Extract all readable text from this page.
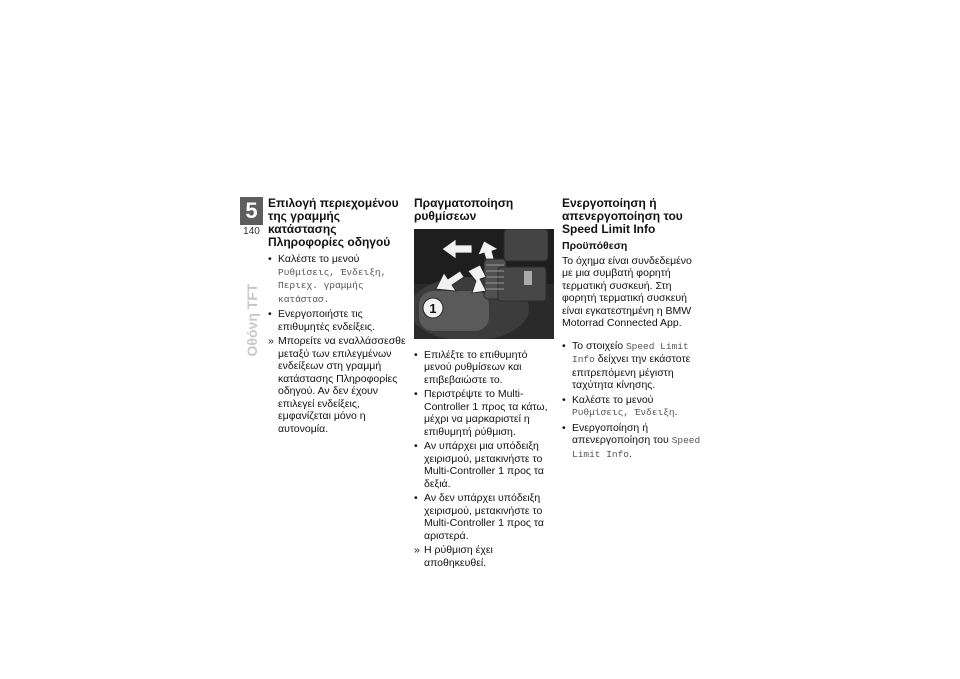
5
140
Οθόνη TFT
Επιλογή περιεχομένου της γραμμής κατάστασης Πληροφορίες οδηγού
• Καλέστε το μενού Ρυθμίσεις, Ένδειξη, Περιεχ. γραμμής κατάστασ.
• Ενεργοποιήστε τις επιθυμητές ενδείξεις.
» Μπορείτε να εναλλάσσεσθε μεταξύ των επιλεγμένων ενδείξεων στη γραμμή κατάστασης Πληροφορίες οδηγού. Αν δεν έχουν επιλεγεί ενδείξεις, εμφανίζεται μόνο η αυτονομία.
Πραγματοποίηση ρυθμίσεων
1
• Επιλέξτε το επιθυμητό μενού ρυθμίσεων και επιβεβαιώστε το.
• Περιστρέψτε το Multi-Controller 1 προς τα κάτω, μέχρι να μαρκαριστεί η επιθυμητή ρύθμιση.
• Αν υπάρχει μια υπόδειξη χειρισμού, μετακινήστε το Multi-Controller 1 προς τα δεξιά.
• Αν δεν υπάρχει υπόδειξη χειρισμού, μετακινήστε το Multi-Controller 1 προς τα αριστερά.
» Η ρύθμιση έχει αποθηκευθεί.
Ενεργοποίηση ή απενεργοποίηση του Speed Limit Info
Προϋπόθεση

Το όχημα είναι συνδεδεμένο με μια συμβατή φορητή τερματική συσκευή. Στη φορητή τερματική συσκευή είναι εγκατεστημένη η BMW Motorrad Connected App.

• Το στοιχείο Speed Limit Info δείχνει την εκάστοτε επιτρεπόμενη μέγιστη ταχύτητα κίνησης.
• Καλέστε το μενού Ρυθμίσεις, Ένδειξη.
• Ενεργοποίηση ή απενεργοποίηση του Speed Limit Info.
